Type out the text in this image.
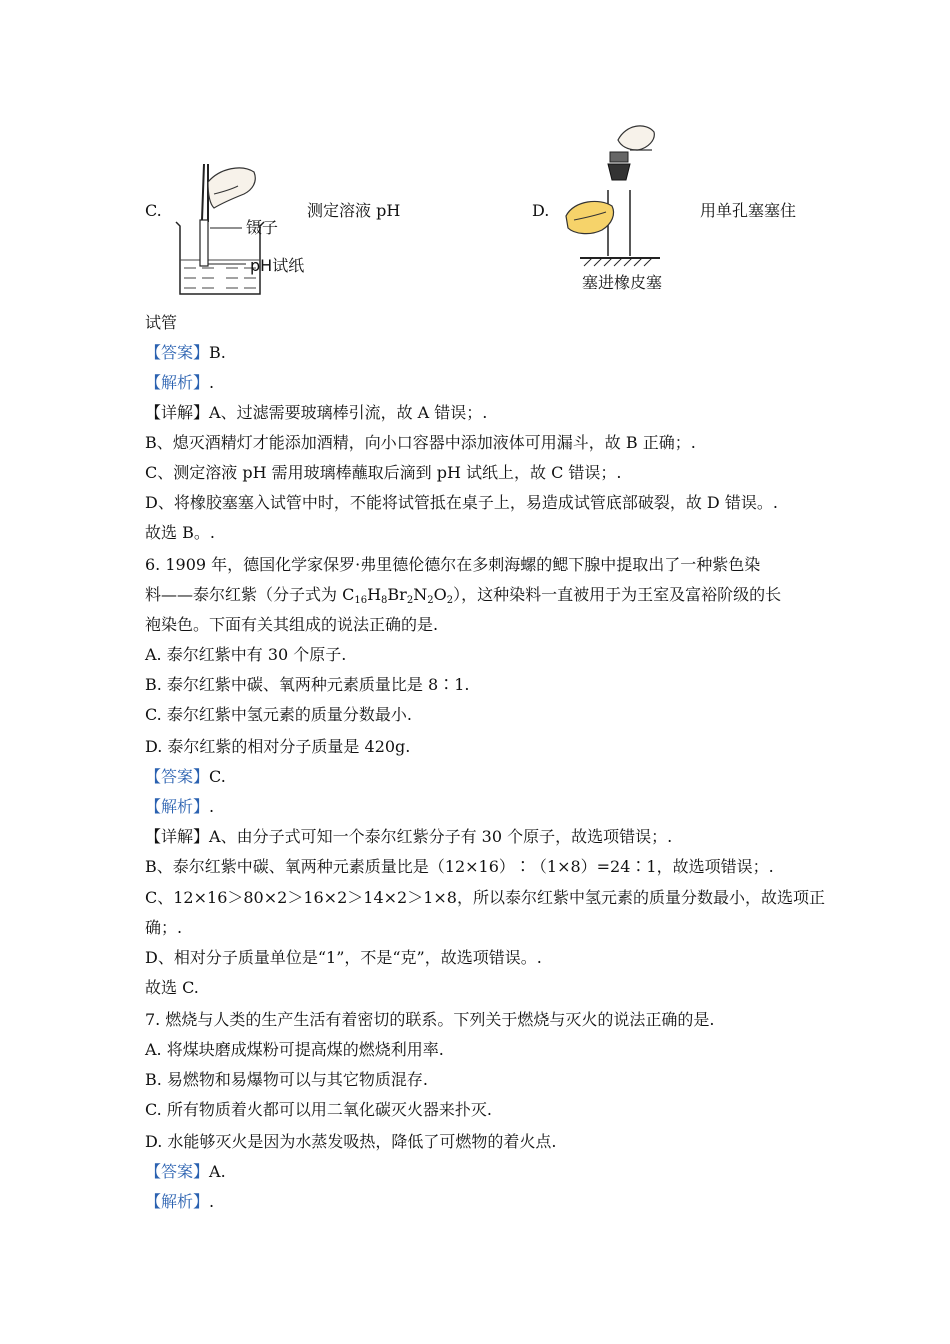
C.
镊子
pH试纸
测定溶液 pH	D.
塞进橡皮塞
用单孔塞塞住
试管
【答案】B.
【解析】.
【详解】A、过滤需要玻璃棒引流，故 A 错误；.
B、熄灭酒精灯才能添加酒精，向小口容器中添加液体可用漏斗，故 B 正确；.
C、测定溶液 pH 需用玻璃棒蘸取后滴到 pH 试纸上，故 C 错误；.
D、将橡胶塞塞入试管中时，不能将试管抵在桌子上，易造成试管底部破裂，故 D 错误。.
故选 B。.
6. 1909 年，德国化学家保罗·弗里德伦德尔在多刺海螺的鳃下腺中提取出了一种紫色染
料——泰尔红紫（分子式为 $C_{16}H_8Br_2N_2O_2$），这种染料一直被用于为王室及富裕阶级的长
袍染色。下面有关其组成的说法正确的是.
A. 泰尔红紫中有 30 个原子.
B. 泰尔红紫中碳、氧两种元素质量比是 8∶1.
C. 泰尔红紫中氢元素的质量分数最小.
D. 泰尔红紫的相对分子质量是 420g.
【答案】C.
【解析】.
【详解】A、由分子式可知一个泰尔红紫分子有 30 个原子，故选项错误；.
B、泰尔红紫中碳、氧两种元素质量比是（12×16）∶（1×8）=24∶1，故选项错误；.
C、12×16＞80×2＞16×2＞14×2＞1×8，所以泰尔红紫中氢元素的质量分数最小，故选项正
确；.
D、相对分子质量单位是“1”，不是“克”，故选项错误。.
故选 C.
7. 燃烧与人类的生产生活有着密切的联系。下列关于燃烧与灭火的说法正确的是.
A. 将煤块磨成煤粉可提高煤的燃烧利用率.
B. 易燃物和易爆物可以与其它物质混存.
C. 所有物质着火都可以用二氧化碳灭火器来扑灭.
D. 水能够灭火是因为水蒸发吸热，降低了可燃物的着火点.
【答案】A.
【解析】.
